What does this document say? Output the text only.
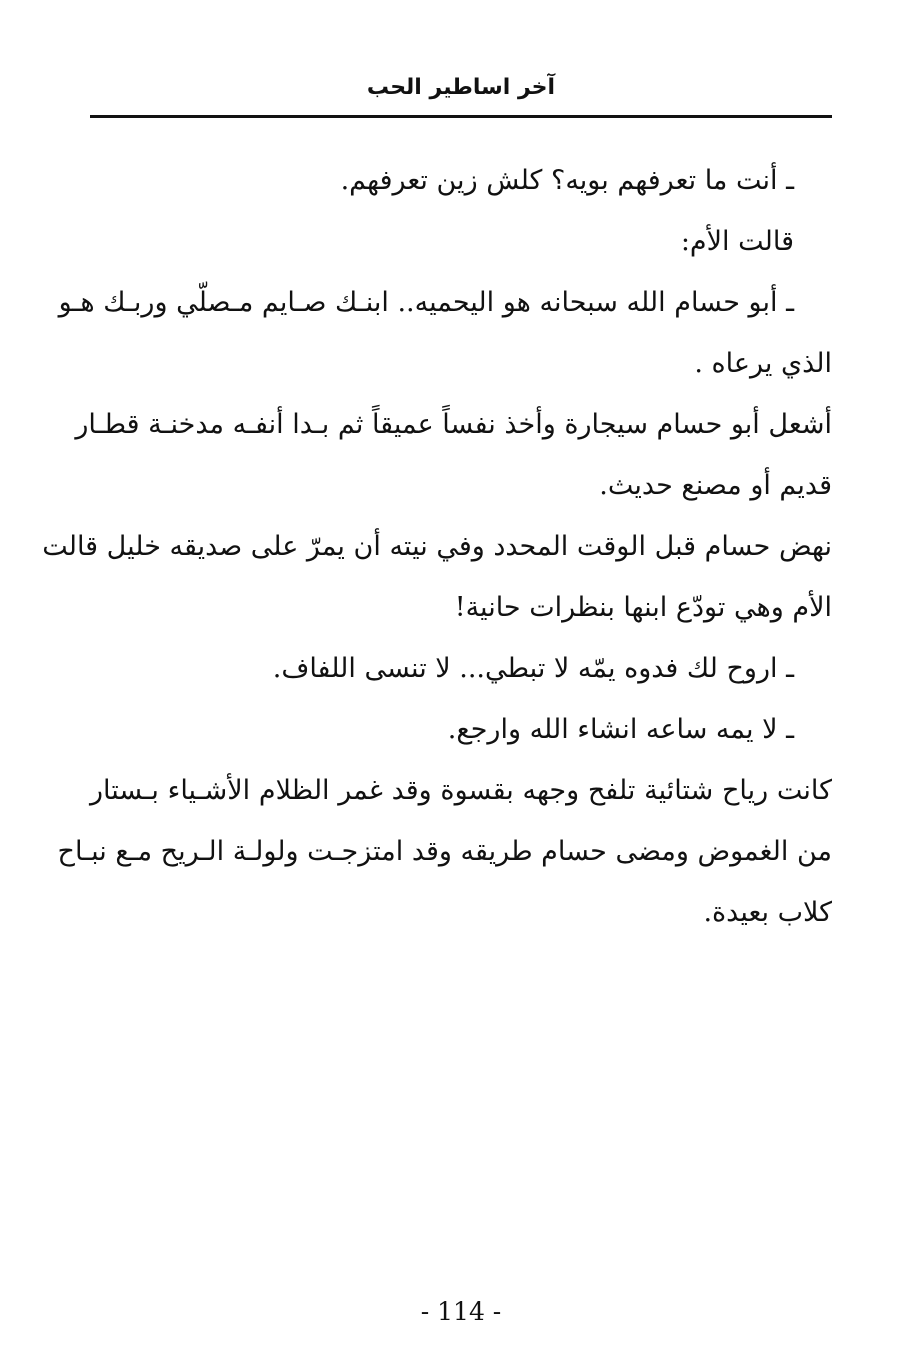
آخر اساطير الحب
ـ أنت ما تعرفهم بويه؟ كلش زين تعرفهم.
قالت الأم:
ـ أبو حسام الله سبحانه هو اليحميه.. ابنـك صـايم مـصلّي وربـك هـو
الذي يرعاه .
أشعل أبو حسام سيجارة وأخذ نفساً عميقاً ثم بـدا أنفـه مدخنـة قطـار
قديم أو مصنع حديث.
نهض حسام قبل الوقت المحدد وفي نيته أن يمرّ على صديقه خليل قالت
الأم وهي تودّع ابنها بنظرات حانية!
ـ اروح لك فدوه يمّه لا تبطي... لا تنسى اللفاف.
ـ لا يمه ساعه انشاء الله وارجع.
كانت رياح شتائية تلفح وجهه بقسوة وقد غمر الظلام الأشـياء بـستار
من الغموض ومضى حسام طريقه وقد امتزجـت ولولـة الـريح مـع نبـاح
كلاب بعيدة.
- 114 -
